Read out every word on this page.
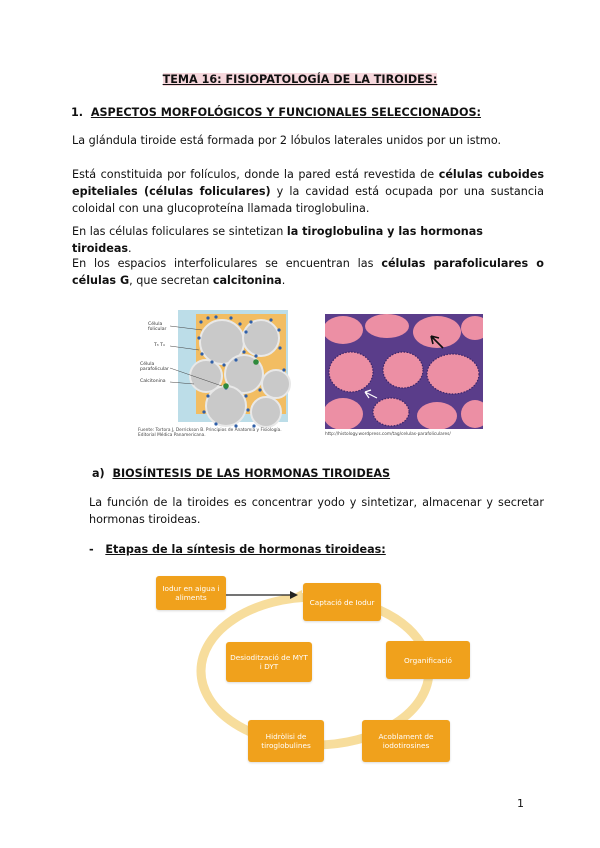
TEMA 16: FISIOPATOLOGÍA DE LA TIROIDES:
1. ASPECTOS MORFOLÓGICOS Y FUNCIONALES SELECCIONADOS:
La glándula tiroide está formada por 2 lóbulos laterales unidos por un istmo.
Está constituida por folículos, donde la pared está revestida de células cuboides epiteliales (células foliculares) y la cavidad está ocupada por una sustancia coloidal con una glucoproteína llamada tiroglobulina.
En las células foliculares se sintetizan la tiroglobulina y las hormonas tiroideas.
En los espacios interfoliculares se encuentran las células parafoliculares o células G, que secretan calcitonina.
Célula folicular
T₃ T₄
Célula parafolicular
Calcitonina
Fuente: Tortora J, Derrickson B. Principios de Anatomía y Fisiología. Editorial Médica Panamericana.	http://histology.wordpress.com/tag/celulas-parafoliculares/
a) BIOSÍNTESIS DE LAS HORMONAS TIROIDEAS
La función de la tiroides es concentrar yodo y sintetizar, almacenar y secretar hormonas tiroideas.
- Etapas de la síntesis de hormonas tiroideas:
Iodur en aigua i aliments	Captació de Iodur
Organificació
Acoblament de iodotirosines
Hidròlisi de tiroglobulines
Desiodització de MYT i DYT
1
